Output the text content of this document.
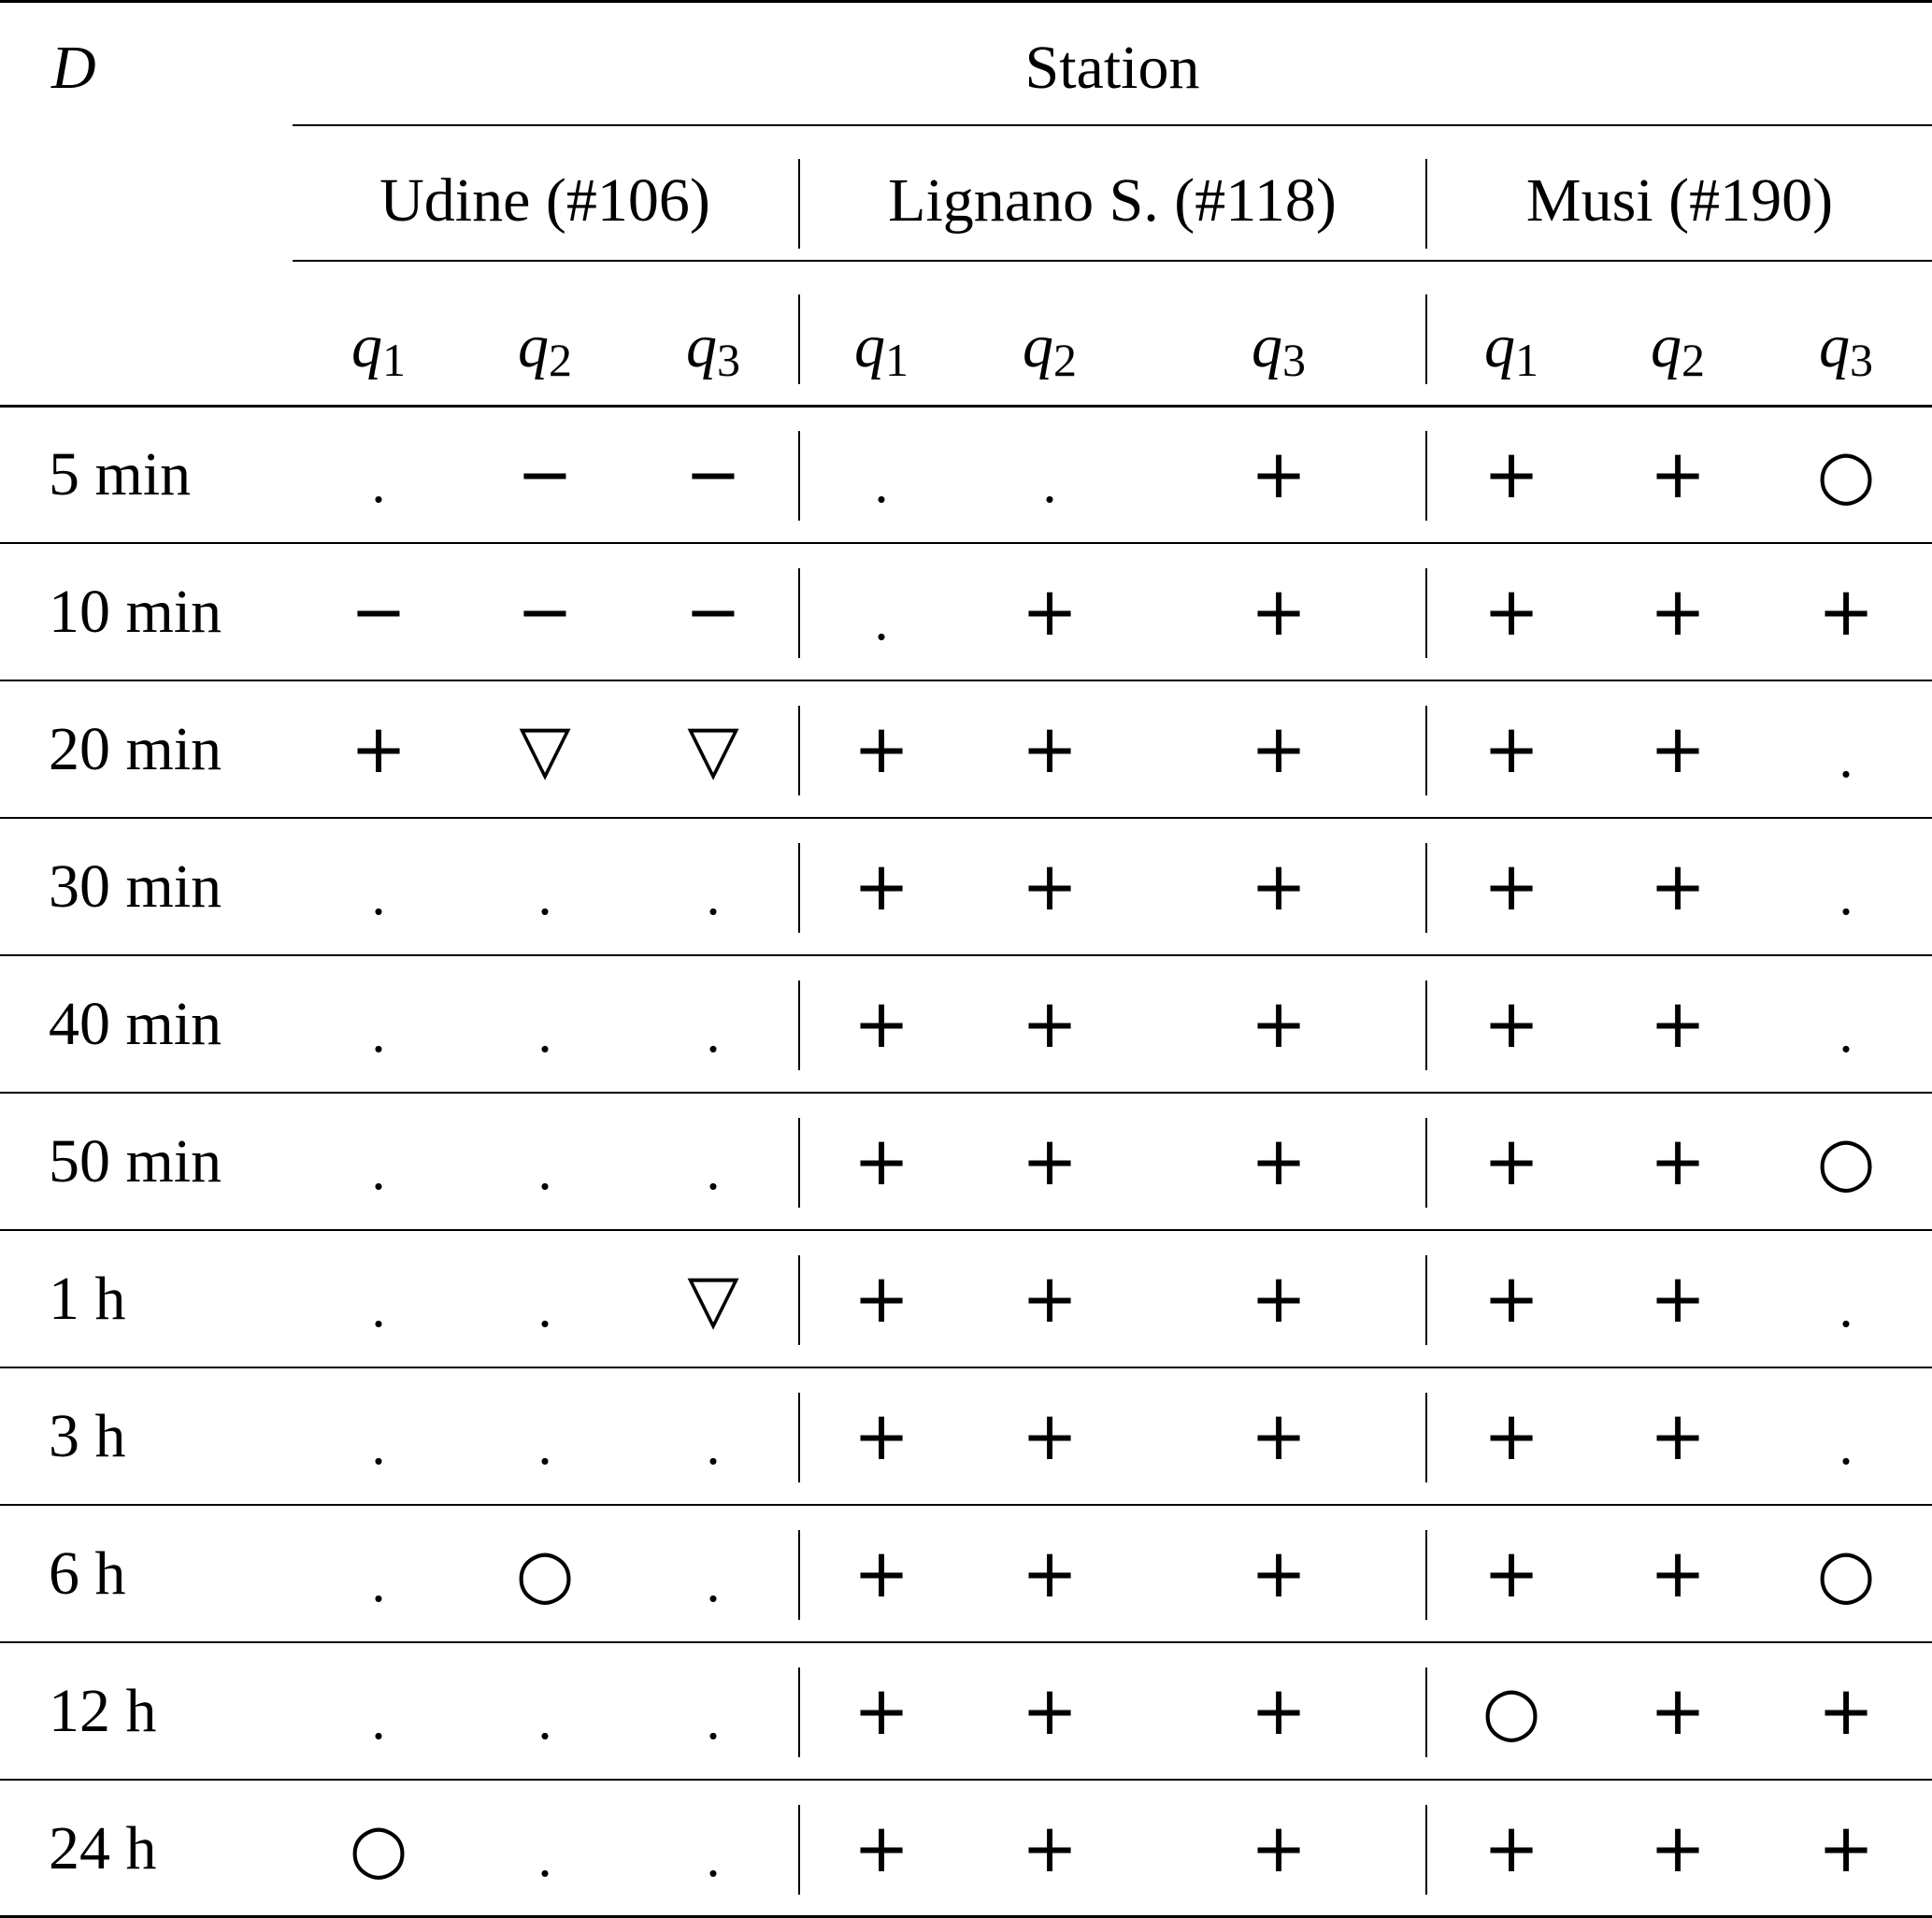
D	Station
Udine (#106)	Lignano S. (#118)	Musi (#190)
$q_1$	$q_2$	$q_3$	$q_1$	$q_2$	$q_3$	$q_1$	$q_2$	$q_3$
5 min	. − − .	.	+	+ + ○
10 min − − − . +	+	+ + +
20 min + ▽ ▽ + +	+	+ + .
30 min	.	.	. + +	+	+ + .
40 min	.	.	. + +	+	+ + .
50 min	.	.	. + +	+	+ + ○
1 h	.	. ▽ + +	+	+ + .
3 h	.	.	. + +	+	+ + .
6 h	. ○ . + +	+	+ + ○
12 h	.	.	. + +	+	○ + +
24 h	○ .	. + +	+	+ + +
